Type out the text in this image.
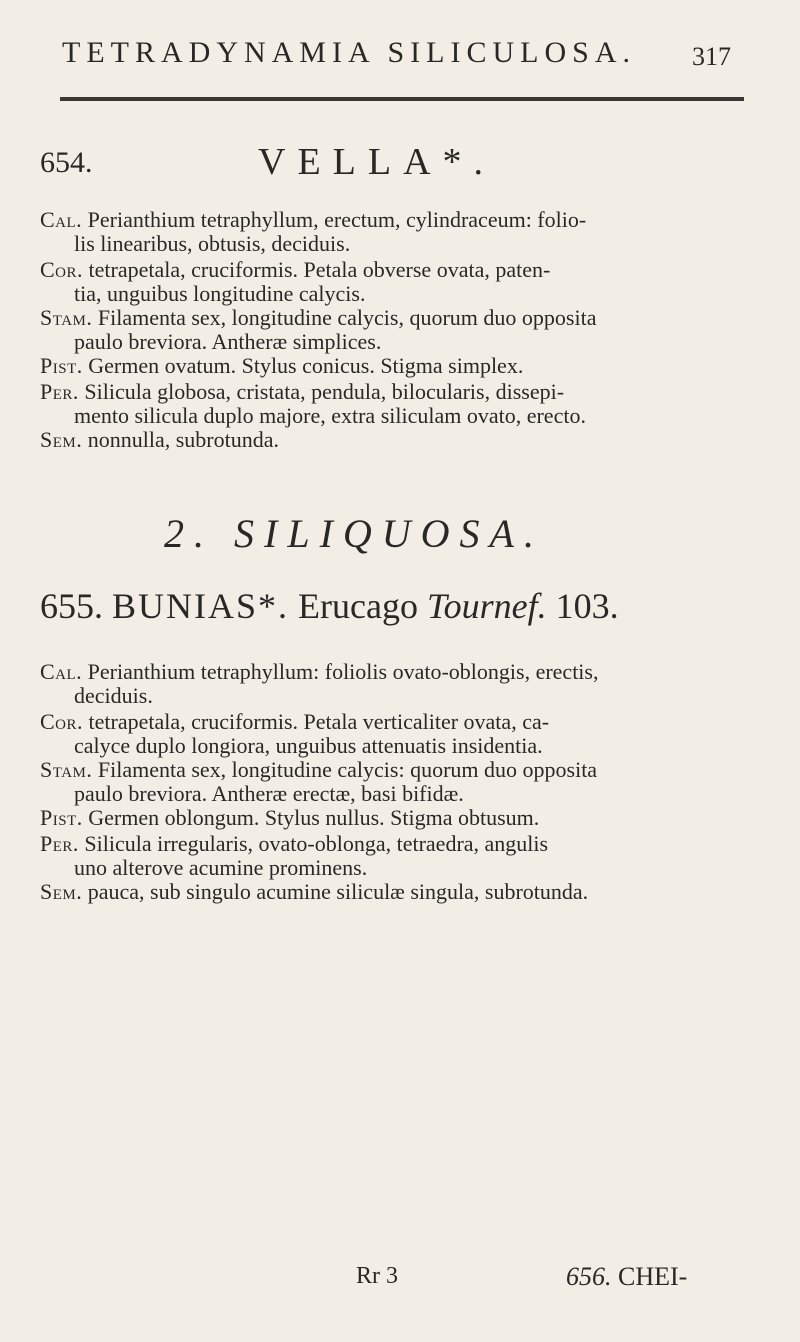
TETRADYNAMIA SILICULOSA.	317
654.	VELLA*.
Cal. Perianthium tetraphyllum, erectum, cylindraceum: folio-
lis linearibus, obtusis, deciduis.
Cor. tetrapetala, cruciformis. Petala obverse ovata, paten-
tia, unguibus longitudine calycis.
Stam. Filamenta sex, longitudine calycis, quorum duo opposita
paulo breviora. Antheræ simplices.
Pist. Germen ovatum. Stylus conicus. Stigma simplex.
Per. Silicula globosa, cristata, pendula, bilocularis, dissepi-
mento silicula duplo majore, extra siliculam ovato, erecto.
Sem. nonnulla, subrotunda.
2. SILIQUOSA.
655. BUNIAS*. Erucago Tournef. 103.
Cal. Perianthium tetraphyllum: foliolis ovato-oblongis, erectis,
deciduis.
Cor. tetrapetala, cruciformis. Petala verticaliter ovata, ca-
calyce duplo longiora, unguibus attenuatis insidentia.
Stam. Filamenta sex, longitudine calycis: quorum duo opposita
paulo breviora. Antheræ erectæ, basi bifidæ.
Pist. Germen oblongum. Stylus nullus. Stigma obtusum.
Per. Silicula irregularis, ovato-oblonga, tetraedra, angulis
uno alterove acumine prominens.
Sem. pauca, sub singulo acumine siliculæ singula, subrotunda.
Rr 3	656. CHEI-
